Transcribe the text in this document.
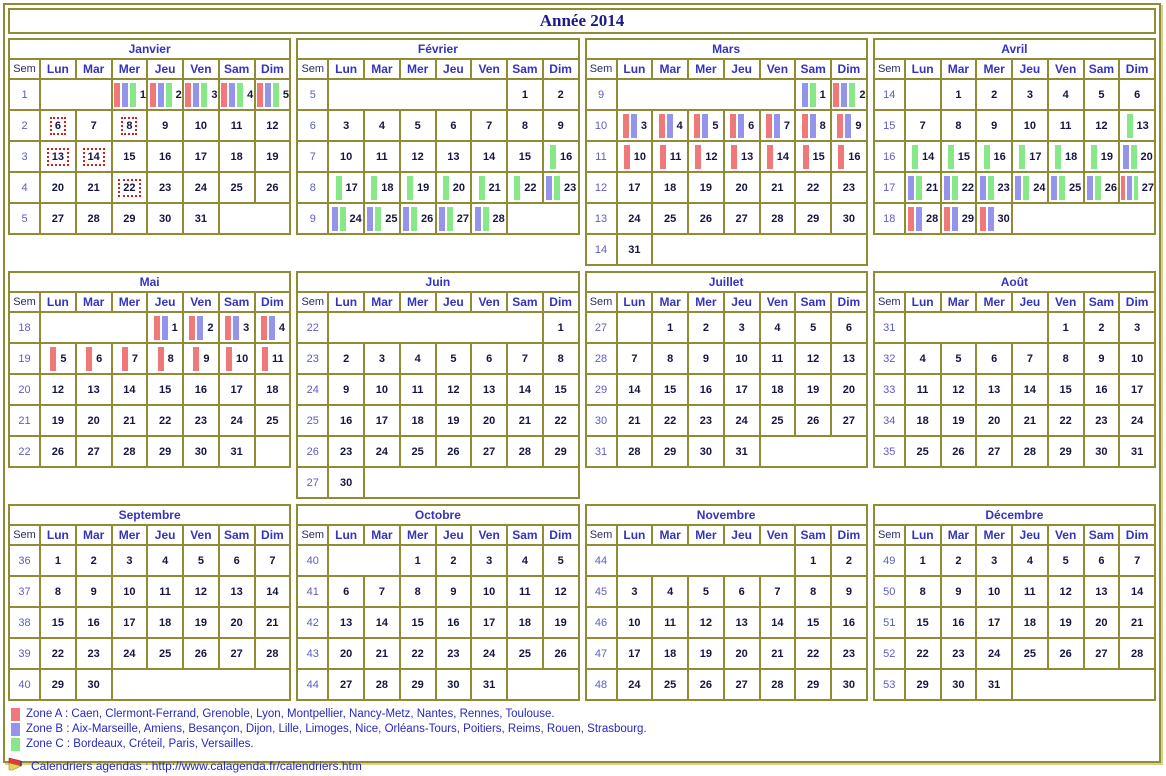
Année 2014
Janvier							
Sem	Lun	Mar	Mer	Jeu	Ven	Sam	Dim
1			1	2	3	4	5

2	6	7	8	9	10	11	12

3	13	14	15	16	17	18	19

4	20	21	22	23	24	25	26

5	27	28	29	30	31		

Février							
Sem	Lun	Mar	Mer	Jeu	Ven	Sam	Dim
5						1	2

6	3	4	5	6	7	8	9

7	10	11	12	13	14	15	16

8	17	18	19	20	21	22	23

9	24	25	26	27	28		

Mars							
Sem	Lun	Mar	Mer	Jeu	Ven	Sam	Dim
9						1	2

10	3	4	5	6	7	8	9

11	10	11	12	13	14	15	16

12	17	18	19	20	21	22	23

13	24	25	26	27	28	29	30

14	31						

Avril							
Sem	Lun	Mar	Mer	Jeu	Ven	Sam	Dim
14		1	2	3	4	5	6

15	7	8	9	10	11	12	13

16	14	15	16	17	18	19	20

17	21	22	23	24	25	26	27

18	28	29	30				

Mai							
Sem	Lun	Mar	Mer	Jeu	Ven	Sam	Dim
18				1	2	3	4

19	5	6	7	8	9	10	11

20	12	13	14	15	16	17	18

21	19	20	21	22	23	24	25

22	26	27	28	29	30	31	

Juin							
Sem	Lun	Mar	Mer	Jeu	Ven	Sam	Dim
22							1

23	2	3	4	5	6	7	8

24	9	10	11	12	13	14	15

25	16	17	18	19	20	21	22

26	23	24	25	26	27	28	29

27	30						

Juillet							
Sem	Lun	Mar	Mer	Jeu	Ven	Sam	Dim
27		1	2	3	4	5	6

28	7	8	9	10	11	12	13

29	14	15	16	17	18	19	20

30	21	22	23	24	25	26	27

31	28	29	30	31			

Août							
Sem	Lun	Mar	Mer	Jeu	Ven	Sam	Dim
31					1	2	3

32	4	5	6	7	8	9	10

33	11	12	13	14	15	16	17

34	18	19	20	21	22	23	24

35	25	26	27	28	29	30	31
Septembre							
Sem	Lun	Mar	Mer	Jeu	Ven	Sam	Dim
36	1	2	3	4	5	6	7

37	8	9	10	11	12	13	14

38	15	16	17	18	19	20	21

39	22	23	24	25	26	27	28

40	29	30					

Octobre							
Sem	Lun	Mar	Mer	Jeu	Ven	Sam	Dim
40			1	2	3	4	5

41	6	7	8	9	10	11	12

42	13	14	15	16	17	18	19

43	20	21	22	23	24	25	26

44	27	28	29	30	31		

Novembre							
Sem	Lun	Mar	Mer	Jeu	Ven	Sam	Dim
44						1	2

45	3	4	5	6	7	8	9

46	10	11	12	13	14	15	16

47	17	18	19	20	21	22	23

48	24	25	26	27	28	29	30
Décembre							
Sem	Lun	Mar	Mer	Jeu	Ven	Sam	Dim
49	1	2	3	4	5	6	7

50	8	9	10	11	12	13	14

51	15	16	17	18	19	20	21

52	22	23	24	25	26	27	28

53	29	30	31				

Zone A : Caen, Clermont-Ferrand, Grenoble, Lyon, Montpellier, Nancy-Metz, Nantes, Rennes, Toulouse.
Zone B : Aix-Marseille, Amiens, Besançon, Dijon, Lille, Limoges, Nice, Orléans-Tours, Poitiers, Reims, Rouen, Strasbourg.
Zone C : Bordeaux, Créteil, Paris, Versailles.
Calendriers agendas : http://www.calagenda.fr/calendriers.htm
